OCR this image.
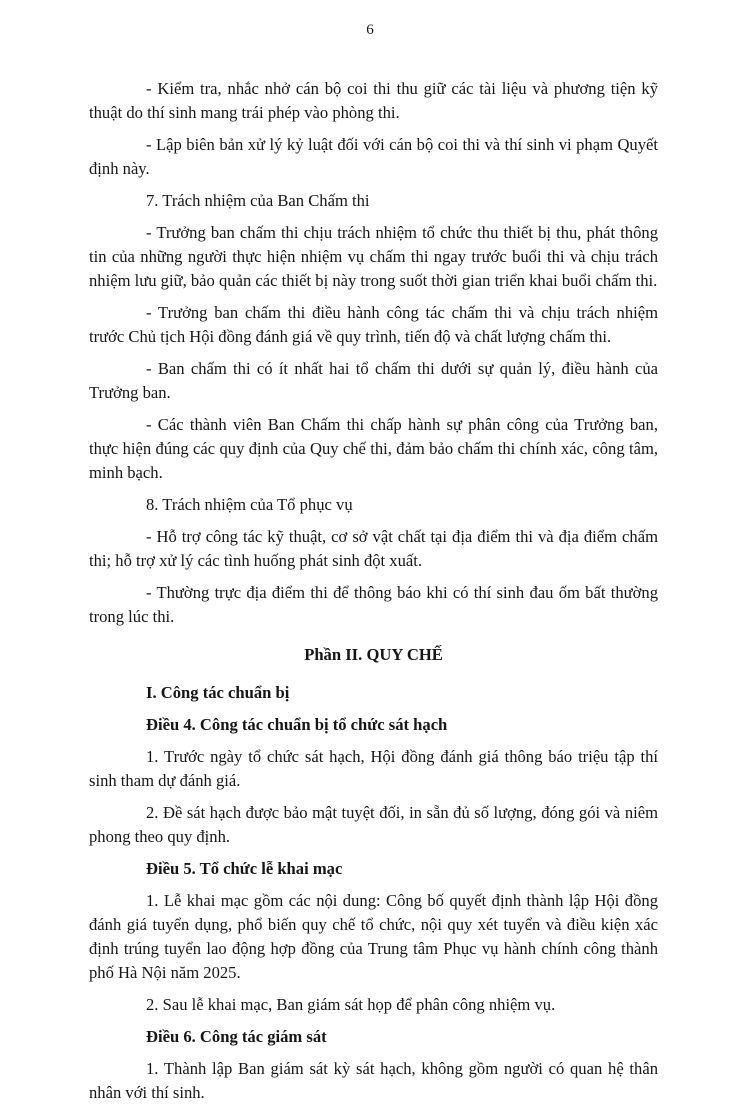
6
- Kiểm tra, nhắc nhở cán bộ coi thi thu giữ các tài liệu và phương tiện kỹ thuật do thí sinh mang trái phép vào phòng thi.
- Lập biên bản xử lý kỷ luật đối với cán bộ coi thi và thí sinh vi phạm Quyết định này.
7. Trách nhiệm của Ban Chấm thi
- Trưởng ban chấm thi chịu trách nhiệm tổ chức thu thiết bị thu, phát thông tin của những người thực hiện nhiệm vụ chấm thi ngay trước buổi thi và chịu trách nhiệm lưu giữ, bảo quản các thiết bị này trong suốt thời gian triển khai buổi chấm thi.
- Trưởng ban chấm thi điều hành công tác chấm thi và chịu trách nhiệm trước Chủ tịch Hội đồng đánh giá về quy trình, tiến độ và chất lượng chấm thi.
- Ban chấm thi có ít nhất hai tổ chấm thi dưới sự quản lý, điều hành của Trưởng ban.
- Các thành viên Ban Chấm thi chấp hành sự phân công của Trưởng ban, thực hiện đúng các quy định của Quy chế thi, đảm bảo chấm thi chính xác, công tâm, minh bạch.
8. Trách nhiệm của Tổ phục vụ
- Hỗ trợ công tác kỹ thuật, cơ sở vật chất tại địa điểm thi và địa điểm chấm thi; hỗ trợ xử lý các tình huống phát sinh đột xuất.
- Thường trực địa điểm thi để thông báo khi có thí sinh đau ốm bất thường trong lúc thi.
Phần II. QUY CHẾ
I. Công tác chuẩn bị
Điều 4. Công tác chuẩn bị tổ chức sát hạch
1. Trước ngày tổ chức sát hạch, Hội đồng đánh giá thông báo triệu tập thí sinh tham dự đánh giá.
2. Đề sát hạch được bảo mật tuyệt đối, in sẵn đủ số lượng, đóng gói và niêm phong theo quy định.
Điều 5. Tổ chức lễ khai mạc
1. Lễ khai mạc gồm các nội dung: Công bố quyết định thành lập Hội đồng đánh giá tuyển dụng, phổ biến quy chế tổ chức, nội quy xét tuyển và điều kiện xác định trúng tuyển lao động hợp đồng của Trung tâm Phục vụ hành chính công thành phố Hà Nội năm 2025.
2. Sau lễ khai mạc, Ban giám sát họp để phân công nhiệm vụ.
Điều 6. Công tác giám sát
1. Thành lập Ban giám sát kỳ sát hạch, không gồm người có quan hệ thân nhân với thí sinh.
